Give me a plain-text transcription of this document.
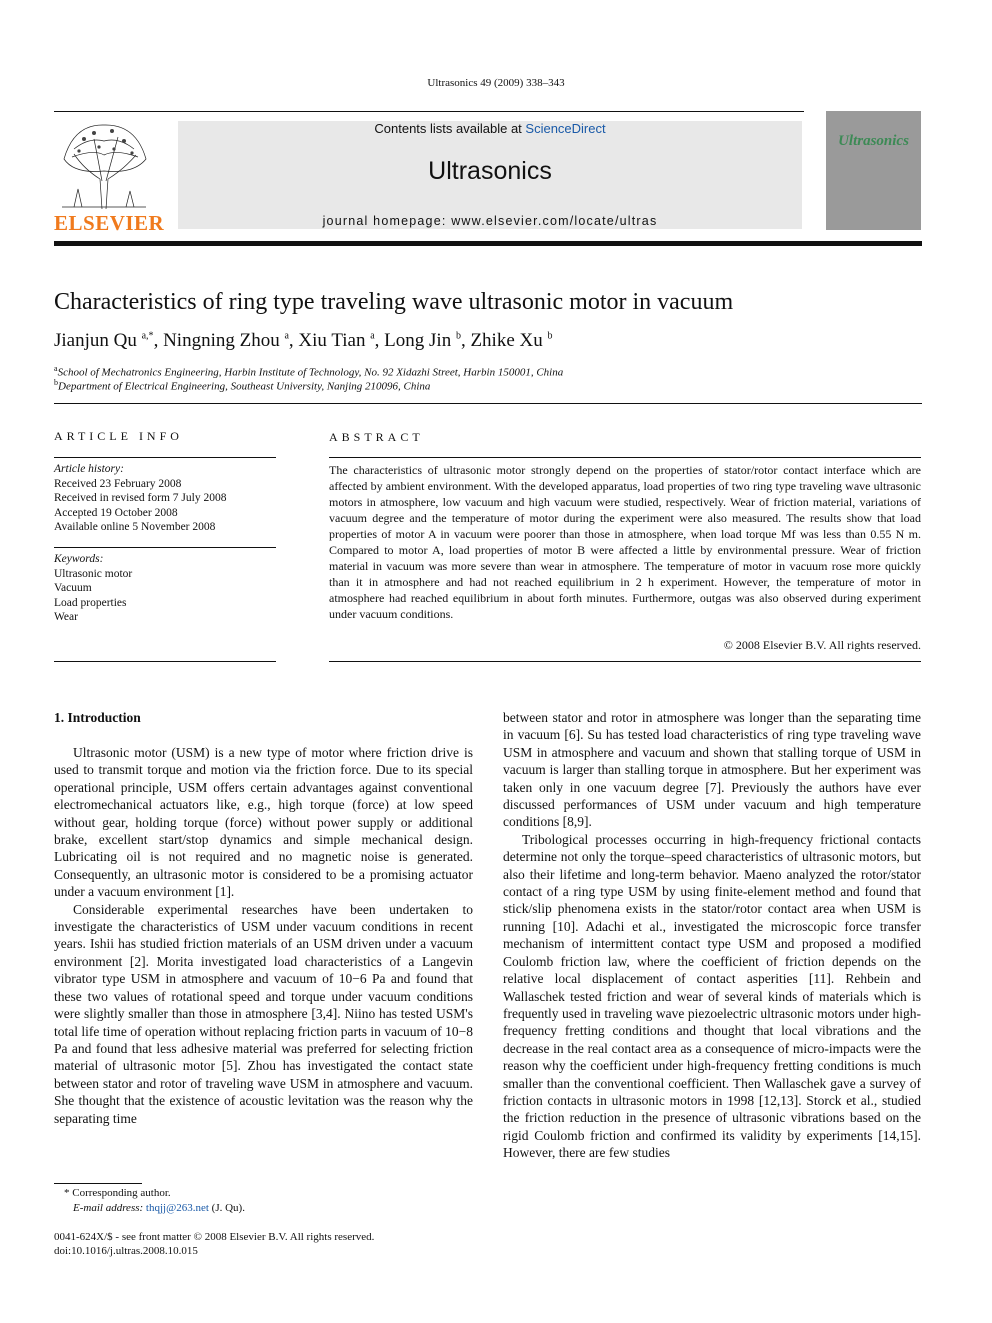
Ultrasonics 49 (2009) 338–343
ELSEVIER
Contents lists available at ScienceDirect
Ultrasonics
journal homepage: www.elsevier.com/locate/ultras
Ultrasonics
Characteristics of ring type traveling wave ultrasonic motor in vacuum
Jianjun Qu $^{a,*}$, Ningning Zhou $^a$, Xiu Tian $^a$, Long Jin $^b$, Zhike Xu $^b$
$^a$School of Mechatronics Engineering, Harbin Institute of Technology, No. 92 Xidazhi Street, Harbin 150001, China
$^b$Department of Electrical Engineering, Southeast University, Nanjing 210096, China
ARTICLE INFO
Article history:
Received 23 February 2008
Received in revised form 7 July 2008
Accepted 19 October 2008
Available online 5 November 2008
Keywords:
Ultrasonic motor
Vacuum
Load properties
Wear
ABSTRACT
The characteristics of ultrasonic motor strongly depend on the properties of stator/rotor contact interface which are affected by ambient environment. With the developed apparatus, load properties of two ring type traveling wave ultrasonic motors in atmosphere, low vacuum and high vacuum were studied, respectively. Wear of friction material, variations of vacuum degree and the temperature of motor during the experiment were also measured. The results show that load properties of motor A in vacuum were poorer than those in atmosphere, when load torque Mf was less than 0.55 N m. Compared to motor A, load properties of motor B were affected a little by environmental pressure. Wear of friction material in vacuum was more severe than wear in atmosphere. The temperature of motor in vacuum rose more quickly than it in atmosphere and had not reached equilibrium in 2 h experiment. However, the temperature of motor in atmosphere had reached equilibrium in about forth minutes. Furthermore, outgas was also observed during experiment under vacuum conditions.
© 2008 Elsevier B.V. All rights reserved.
1. Introduction

Ultrasonic motor (USM) is a new type of motor where friction drive is used to transmit torque and motion via the friction force. Due to its special operational principle, USM offers certain advantages against conventional electromechanical actuators like, e.g., high torque (force) at low speed without gear, holding torque (force) without power supply or additional brake, excellent start/stop dynamics and simple mechanical design. Lubricating oil is not required and no magnetic noise is generated. Consequently, an ultrasonic motor is considered to be a promising actuator under a vacuum environment [1].

Considerable experimental researches have been undertaken to investigate the characteristics of USM under vacuum conditions in recent years. Ishii has studied friction materials of an USM driven under a vacuum environment [2]. Morita investigated load characteristics of a Langevin vibrator type USM in atmosphere and vacuum of 10−6 Pa and found that these two values of rotational speed and torque under vacuum conditions were slightly smaller than those in atmosphere [3,4]. Niino has tested USM's total life time of operation without replacing friction parts in vacuum of 10−8 Pa and found that less adhesive material was preferred for selecting friction material of ultrasonic motor [5]. Zhou has investigated the contact state between stator and rotor of traveling wave USM in atmosphere and vacuum. She thought that the existence of acoustic levitation was the reason why the separating time

between stator and rotor in atmosphere was longer than the separating time in vacuum [6]. Su has tested load characteristics of ring type traveling wave USM in atmosphere and vacuum and shown that stalling torque of USM in vacuum is larger than stalling torque in atmosphere. But her experiment was taken only in one vacuum degree [7]. Previously the authors have ever discussed performances of USM under vacuum and high temperature conditions [8,9].

Tribological processes occurring in high-frequency frictional contacts determine not only the torque–speed characteristics of ultrasonic motors, but also their lifetime and long-term behavior. Maeno analyzed the rotor/stator contact of a ring type USM by using finite-element method and found that stick/slip phenomena exists in the stator/rotor contact area when USM is running [10]. Adachi et al., investigated the microscopic force transfer mechanism of intermittent contact type USM and proposed a modified Coulomb friction law, where the coefficient of friction depends on the relative local displacement of contact asperities [11]. Rehbein and Wallaschek tested friction and wear of several kinds of materials which is frequently used in traveling wave piezoelectric ultrasonic motors under high-frequency fretting conditions and thought that local vibrations and the decrease in the real contact area as a consequence of micro-impacts were the reason why the coefficient under high-frequency fretting conditions is much smaller than the conventional coefficient. Then Wallaschek gave a survey of friction contacts in ultrasonic motors in 1998 [12,13]. Storck et al., studied the friction reduction in the presence of ultrasonic vibrations based on the rigid Coulomb friction and confirmed its validity by experiments [14,15]. However, there are few studies

* Corresponding author.
E-mail address: thqjj@263.net (J. Qu).
0041-624X/$ - see front matter © 2008 Elsevier B.V. All rights reserved.
doi:10.1016/j.ultras.2008.10.015
